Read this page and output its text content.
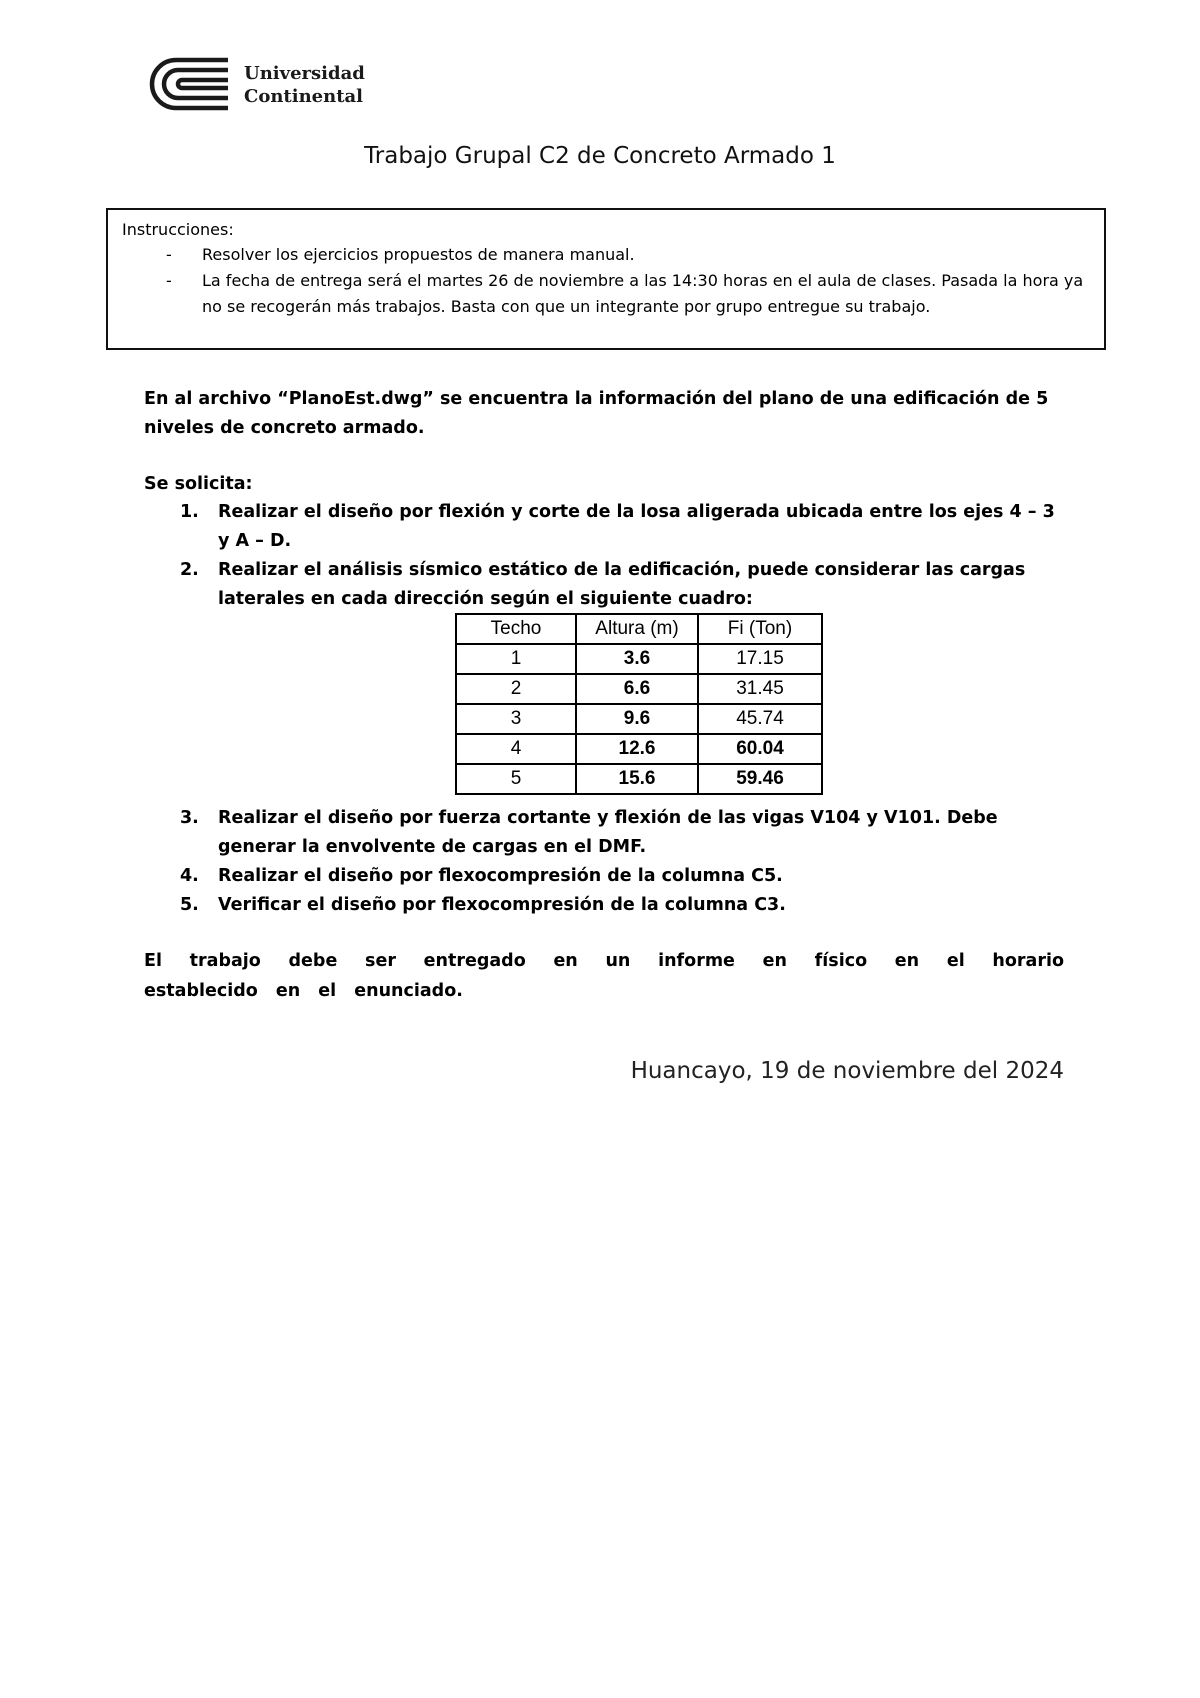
Universidad
Continental
Trabajo Grupal C2 de Concreto Armado 1
Instrucciones:
- Resolver los ejercicios propuestos de manera manual.
- La fecha de entrega será el martes 26 de noviembre a las 14:30 horas en el aula de clases. Pasada la hora ya no se recogerán más trabajos. Basta con que un integrante por grupo entregue su trabajo.
En al archivo “PlanoEst.dwg” se encuentra la información del plano de una edificación de 5 niveles de concreto armado.
Se solicita:
1. Realizar el diseño por flexión y corte de la losa aligerada ubicada entre los ejes 4 – 3 y A – D.
2. Realizar el análisis sísmico estático de la edificación, puede considerar las cargas laterales en cada dirección según el siguiente cuadro:
Techo	Altura (m)	Fi (Ton)
1	3.6	17.15
2	6.6	31.45
3	9.6	45.74
4	12.6	60.04
5	15.6	59.46
3. Realizar el diseño por fuerza cortante y flexión de las vigas V104 y V101. Debe generar la envolvente de cargas en el DMF.
4. Realizar el diseño por flexocompresión de la columna C5.
5. Verificar el diseño por flexocompresión de la columna C3.
El trabajo debe ser entregado en un informe en físico en el horario establecido en el enunciado.
Huancayo, 19 de noviembre del 2024
